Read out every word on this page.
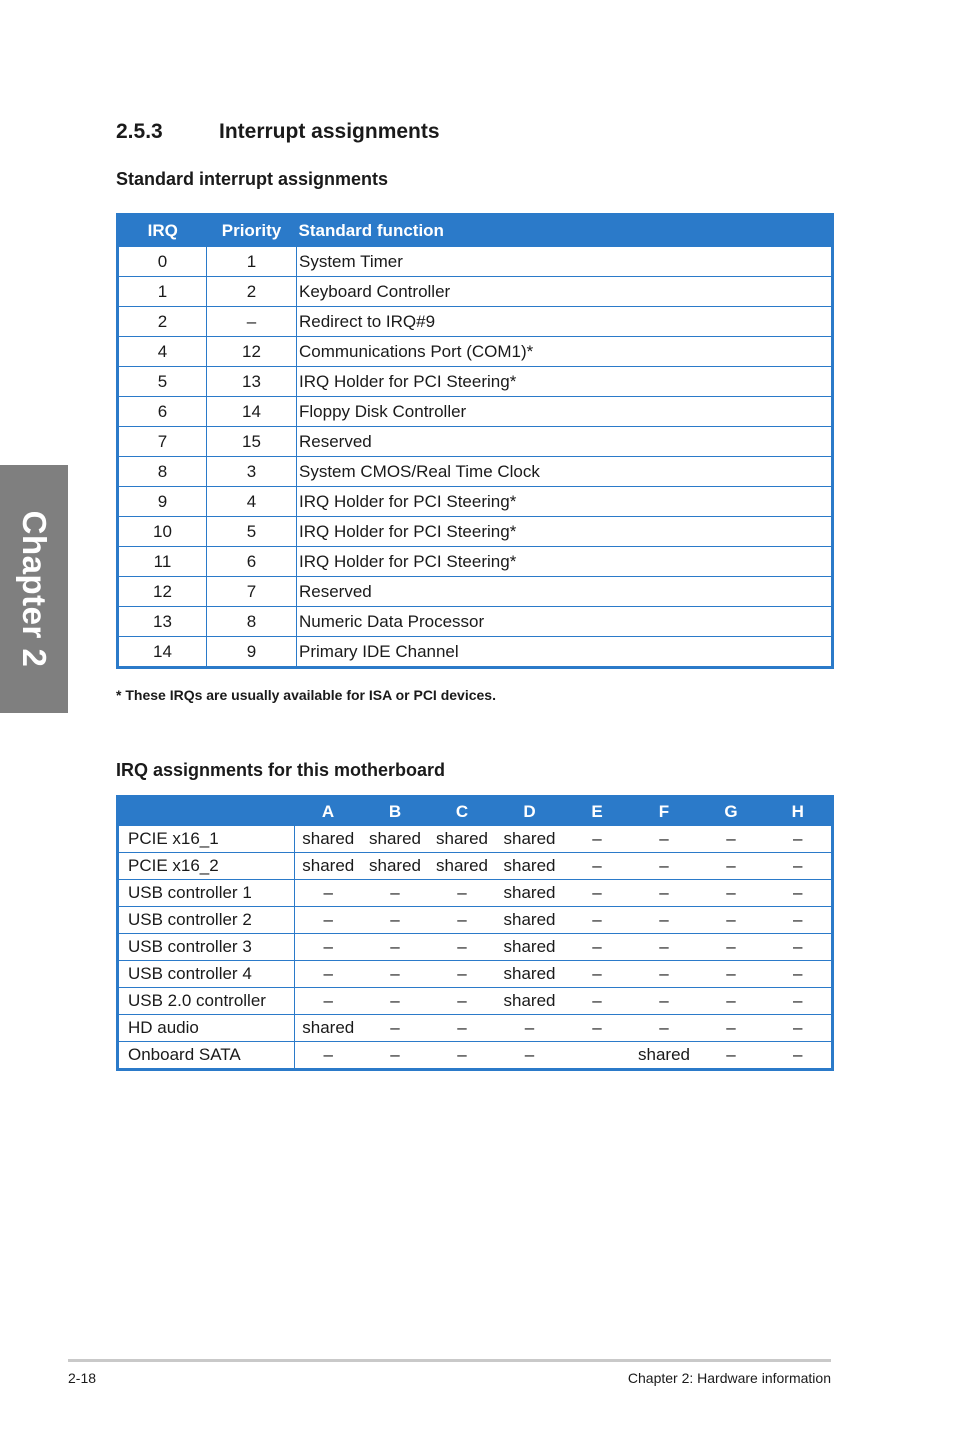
Chapter 2
2.5.3	Interrupt assignments
Standard interrupt assignments
IRQ	Priority	Standard function
0	1	System Timer
1	2	Keyboard Controller
2	–	Redirect to IRQ#9
4	12	Communications Port (COM1)*
5	13	IRQ Holder for PCI Steering*
6	14	Floppy Disk Controller
7	15	Reserved
8	3	System CMOS/Real Time Clock
9	4	IRQ Holder for PCI Steering*
10	5	IRQ Holder for PCI Steering*
11	6	IRQ Holder for PCI Steering*
12	7	Reserved
13	8	Numeric Data Processor
14	9	Primary IDE Channel
* These IRQs are usually available for ISA or PCI devices.
IRQ assignments for this motherboard
	A	B	C	D	E	F	G	H
PCIE x16_1	shared	shared	shared	shared	–	–	–	–
PCIE x16_2	shared	shared	shared	shared	–	–	–	–
USB controller 1	–	–	–	shared	–	–	–	–
USB controller 2	–	–	–	shared	–	–	–	–
USB controller 3	–	–	–	shared	–	–	–	–
USB controller 4	–	–	–	shared	–	–	–	–
USB 2.0 controller	–	–	–	shared	–	–	–	–
HD audio	shared	–	–	–	–	–	–	–
Onboard SATA	–	–	–	–		shared	–	–
2-18	Chapter 2: Hardware information
